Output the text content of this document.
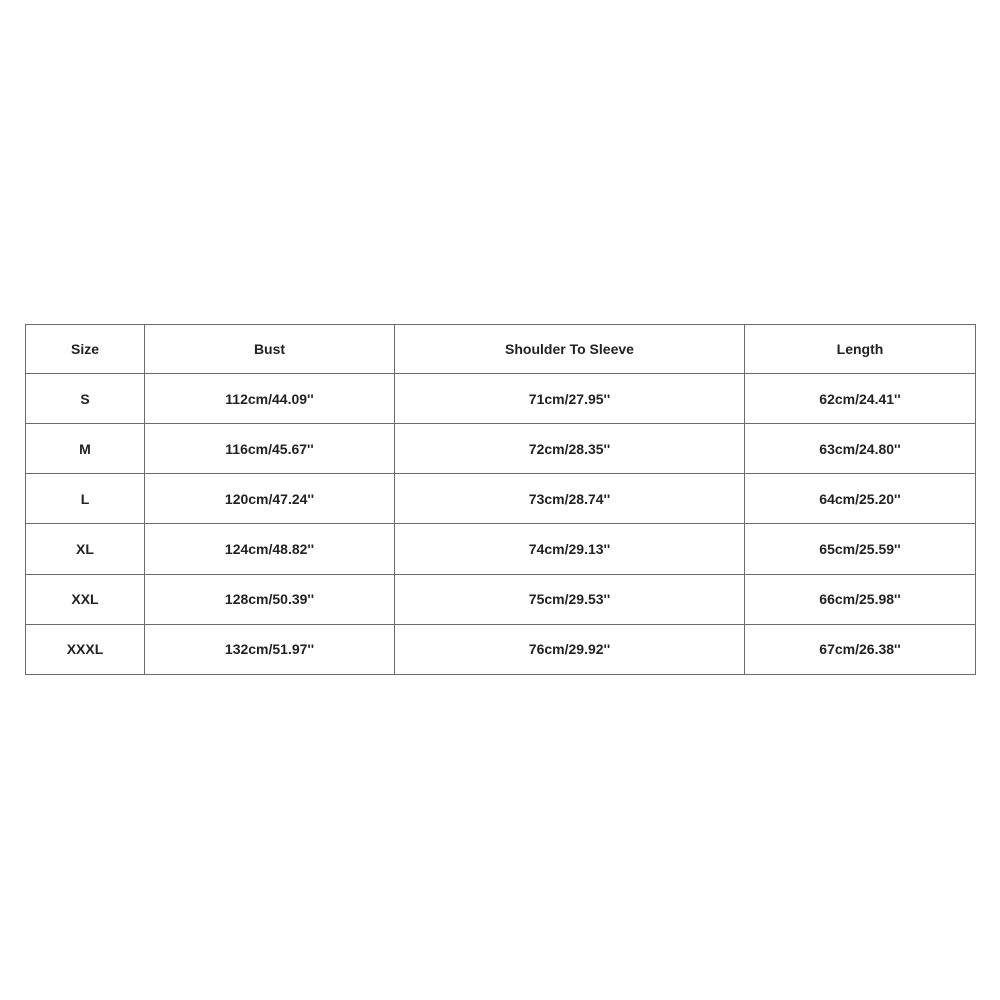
Size	Bust	Shoulder To Sleeve	Length
S	112cm/44.09''	71cm/27.95''	62cm/24.41''
M	116cm/45.67''	72cm/28.35''	63cm/24.80''
L	120cm/47.24''	73cm/28.74''	64cm/25.20''
XL	124cm/48.82''	74cm/29.13''	65cm/25.59''
XXL	128cm/50.39''	75cm/29.53''	66cm/25.98''
XXXL	132cm/51.97''	76cm/29.92''	67cm/26.38''
